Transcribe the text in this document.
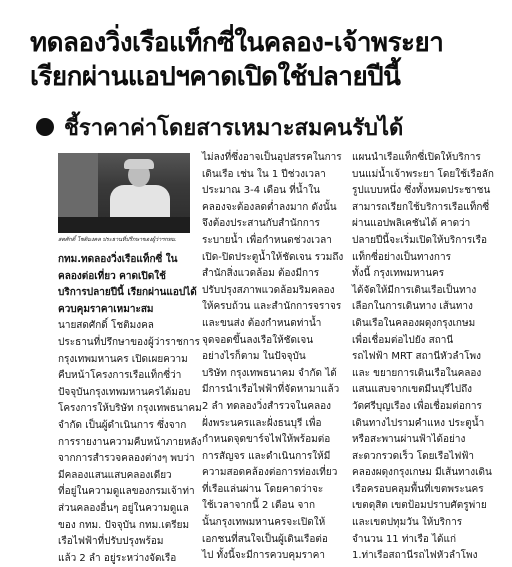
ทดลองวิ่งเรือแท็กซี่ในคลอง-เจ้าพระยา
เรียกผ่านแอปฯคาดเปิดใช้ปลายปีนี้
ชี้ราคาค่าโดยสารเหมาะสมคนรับได้
สดศักดิ์ โชติมงคล ประธานที่ปรึกษาของผู้ว่าฯกทม.
กทม.ทดลองวิ่งเรือแท็กซี่ ใน
คลองต่อเที่ยว คาดเปิดใช้
บริการปลายปีนี้ เรียกผ่านแอปได้
ควบคุมราคาเหมาะสม
นายสดศักดิ์ โชติมงคล
ประธานที่ปรึกษาของผู้ว่าราชการ
กรุงเทพมหานคร เปิดเผยความ
คืบหน้าโครงการเรือแท็กซี่ว่า
ปัจจุบันกรุงเทพมหานครได้มอบ
โครงการให้บริษัท กรุงเทพธนาคม
จำกัด เป็นผู้ดำเนินการ ซึ่งจาก
การรายงานความคืบหน้าภายหลัง
จากการสำรวจคลองต่างๆ พบว่า
มีคลองแสนแสบคลองเดียว
ที่อยู่ในความดูแลของกรมเจ้าท่า
ส่วนคลองอื่นๆ อยู่ในความดูแล
ของ กทม. ปัจจุบัน กทม.เตรียม
เรือไฟฟ้าที่ปรับปรุงพร้อม
แล้ว 2 ลำ อยู่ระหว่างจัดเรือ
ไม่ลงที่ซึ่งอาจเป็นอุปสรรคในการ
เดินเรือ เช่น ใน 1 ปีช่วงเวลา
ประมาณ 3-4 เดือน ที่น้ำใน
คลองจะต้องลดต่ำลงมาก ดังนั้น
จึงต้องประสานกับสำนักการ
ระบายน้ำ เพื่อกำหนดช่วงเวลา
เปิด-ปิดประตูน้ำให้ชัดเจน รวมถึง
สำนักสิ่งแวดล้อม ต้องมีการ
ปรับปรุงสภาพแวดล้อมริมคลอง
ให้ครบถ้วน และสำนักการจราจร
และขนส่ง ต้องกำหนดท่าน้ำ
จุดจอดขึ้นลงเรือให้ชัดเจน
อย่างไรก็ตาม ในปัจจุบัน
บริษัท กรุงเทพธนาคม จำกัด ได้
มีการนำเรือไฟฟ้าที่จัดหามาแล้ว
2 ลำ ทดลองวิ่งสำรวจในคลอง
ฝั่งพระนครและฝั่งธนบุรี เพื่อ
กำหนดจุดขาร์จไฟให้พร้อมต่อ
การสัญจร และดำเนินการให้มี
ความสอดคล้องต่อการท่องเที่ยว
ที่เรือแล่นผ่าน โดยคาดว่าจะ
ใช้เวลาจากนี้ 2 เดือน จาก
นั้นกรุงเทพมหานครจะเปิดให้
เอกชนที่สนใจเป็นผู้เดินเรือต่อ
ไป ทั้งนี้จะมีการควบคุมราคา
แผนนำเรือแท็กซี่เปิดให้บริการ
บนแม่น้ำเจ้าพระยา โดยใช้เรือลัก
รูปแบบหนึ่ง ซึ่งทั้งหมดประชาชน
สามารถเรียกใช้บริการเรือแท็กซี่
ผ่านแอปพลิเคชันได้ คาดว่า
ปลายปีนี้จะเริ่มเปิดให้บริการเรือ
แท็กซี่อย่างเป็นทางการ
ทั้งนี้ กรุงเทพมหานคร
ได้จัดให้มีการเดินเรือเป็นทาง
เลือกในการเดินทาง เส้นทาง
เดินเรือในคลองผดุงกรุงเกษม
เพื่อเชื่อมต่อไปยัง สถานี
รถไฟฟ้า MRT สถานีหัวลำโพง
และ ขยายการเดินเรือในคลอง
แสนแสบจากเขตมีนบุรีไปถึง
วัดศรีบุญเรือง เพื่อเชื่อมต่อการ
เดินทางไปรามคำแหง ประตูน้ำ
หรือสะพานผ่านฟ้าได้อย่าง
สะดวกรวดเร็ว โดยเรือไฟฟ้า
คลองผดุงกรุงเกษม มีเส้นทางเดิน
เรือครอบคลุมพื้นที่เขตพระนคร
เขตดุสิต เขตป้อมปราบศัตรูพ่าย
และเขตปทุมวัน ให้บริการ
จำนวน 11 ท่าเรือ ได้แก่
1.ท่าเรือสถานีรถไฟหัวลำโพง
